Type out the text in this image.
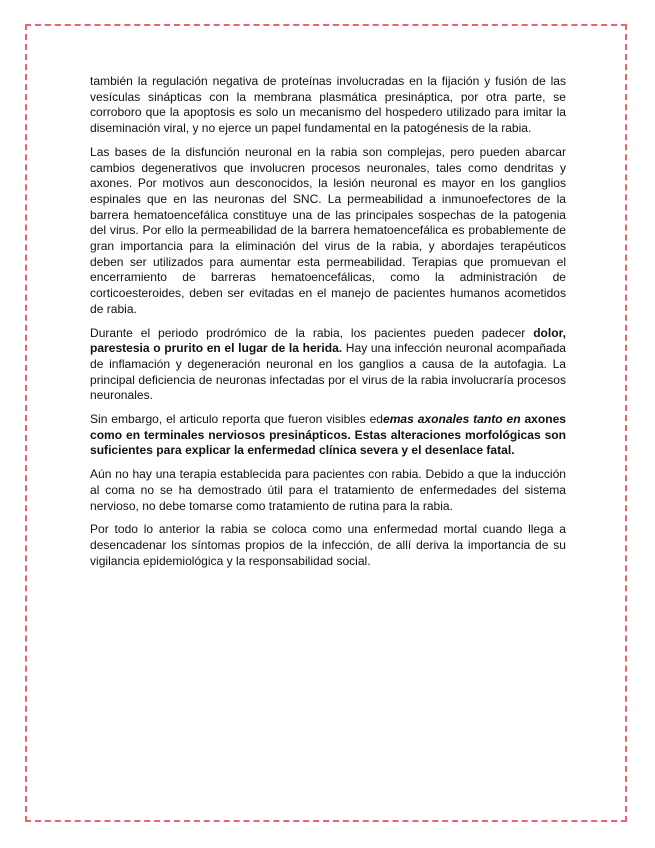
también la regulación negativa de proteínas involucradas en la fijación y fusión de las vesículas sinápticas con la membrana plasmática presináptica, por otra parte, se corroboro que la apoptosis es solo un mecanismo del hospedero utilizado para imitar la diseminación viral, y no ejerce un papel fundamental en la patogénesis de la rabia.

Las bases de la disfunción neuronal en la rabia son complejas, pero pueden abarcar cambios degenerativos que involucren procesos neuronales, tales como dendritas y axones. Por motivos aun desconocidos, la lesión neuronal es mayor en los ganglios espinales que en las neuronas del SNC. La permeabilidad a inmunoefectores de la barrera hematoencefálica constituye una de las principales sospechas de la patogenia del virus. Por ello la permeabilidad de la barrera hematoencefálica es probablemente de gran importancia para la eliminación del virus de la rabia, y abordajes terapéuticos deben ser utilizados para aumentar esta permeabilidad. Terapias que promuevan el encerramiento de barreras hematoencefálicas, como la administración de corticoesteroides, deben ser evitadas en el manejo de pacientes humanos acometidos de rabia.

Durante el periodo prodrómico de la rabia, los pacientes pueden padecer dolor, parestesia o prurito en el lugar de la herida. Hay una infección neuronal acompañada de inflamación y degeneración neuronal en los ganglios a causa de la autofagia. La principal deficiencia de neuronas infectadas por el virus de la rabia involucraría procesos neuronales.

Sin embargo, el articulo reporta que fueron visibles edemas axonales tanto en axones como en terminales nerviosos presinápticos. Estas alteraciones morfológicas son suficientes para explicar la enfermedad clínica severa y el desenlace fatal.

Aún no hay una terapia establecida para pacientes con rabia. Debido a que la inducción al coma no se ha demostrado útil para el tratamiento de enfermedades del sistema nervioso, no debe tomarse como tratamiento de rutina para la rabia.

Por todo lo anterior la rabia se coloca como una enfermedad mortal cuando llega a desencadenar los síntomas propios de la infección, de allí deriva la importancia de su vigilancia epidemiológica y la responsabilidad social.
